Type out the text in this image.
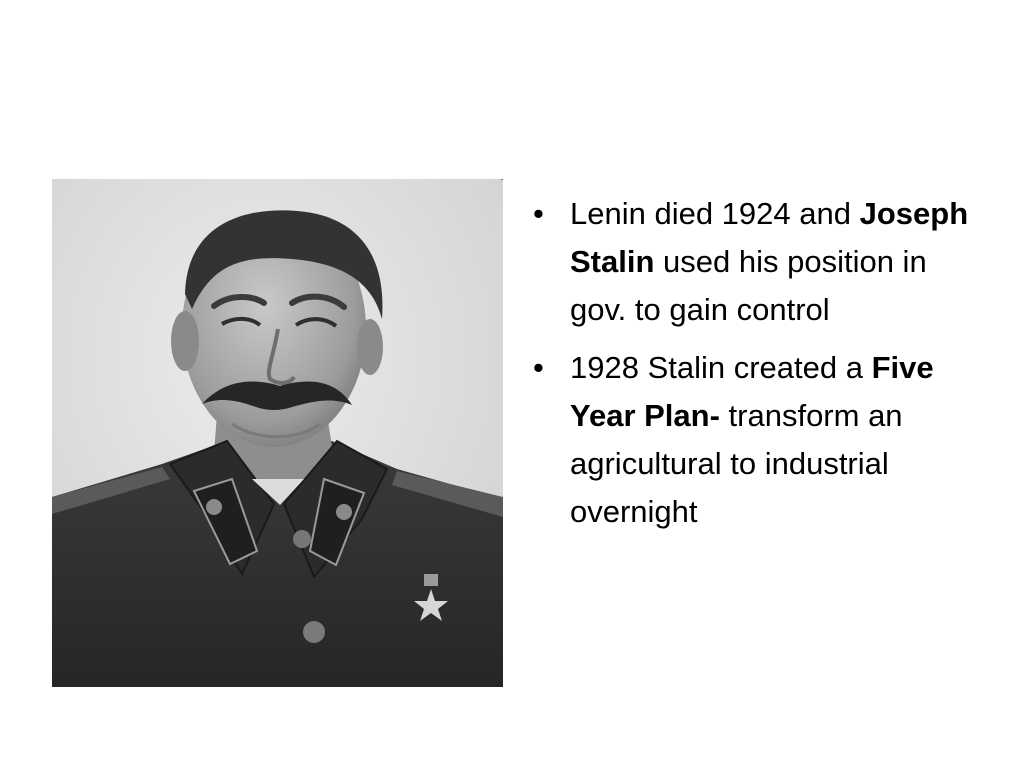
• Lenin died 1924 and Joseph Stalin used his position in gov. to gain control
• 1928 Stalin created a Five Year Plan- transform an agricultural to industrial overnight
